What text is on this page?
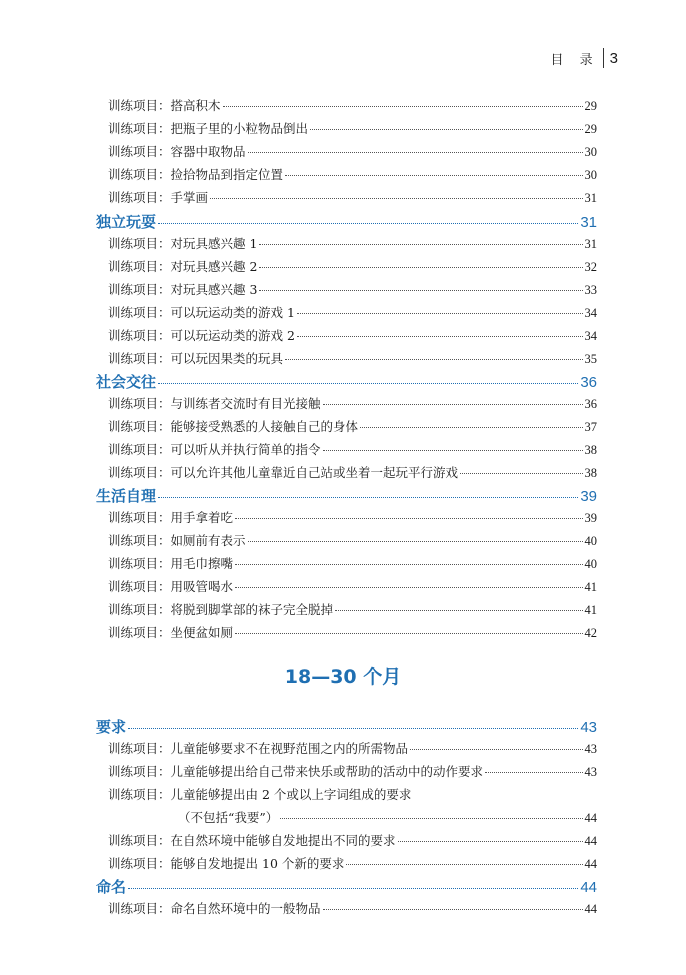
目 录 3
18—30 个月
训练项目：搭高积木	29
训练项目：把瓶子里的小粒物品倒出	29
训练项目：容器中取物品	30
训练项目：捡拾物品到指定位置	30
训练项目：手掌画	31
独立玩耍	31
训练项目：对玩具感兴趣 1	31
训练项目：对玩具感兴趣 2	32
训练项目：对玩具感兴趣 3	33
训练项目：可以玩运动类的游戏 1	34
训练项目：可以玩运动类的游戏 2	34
训练项目：可以玩因果类的玩具	35
社会交往	36
训练项目：与训练者交流时有目光接触	36
训练项目：能够接受熟悉的人接触自己的身体	37
训练项目：可以听从并执行简单的指令	38
训练项目：可以允许其他儿童靠近自己站或坐着一起玩平行游戏	38
生活自理	39
训练项目：用手拿着吃	39
训练项目：如厕前有表示	40
训练项目：用毛巾擦嘴	40
训练项目：用吸管喝水	41
训练项目：将脱到脚掌部的袜子完全脱掉	41
训练项目：坐便盆如厕	42
要求	43
训练项目：儿童能够要求不在视野范围之内的所需物品	43
训练项目：儿童能够提出给自己带来快乐或帮助的活动中的动作要求	43
训练项目：儿童能够提出由 2 个或以上字词组成的要求
（不包括“我要”）	44
训练项目：在自然环境中能够自发地提出不同的要求	44
训练项目：能够自发地提出 10 个新的要求	44
命名	44
训练项目：命名自然环境中的一般物品	44
